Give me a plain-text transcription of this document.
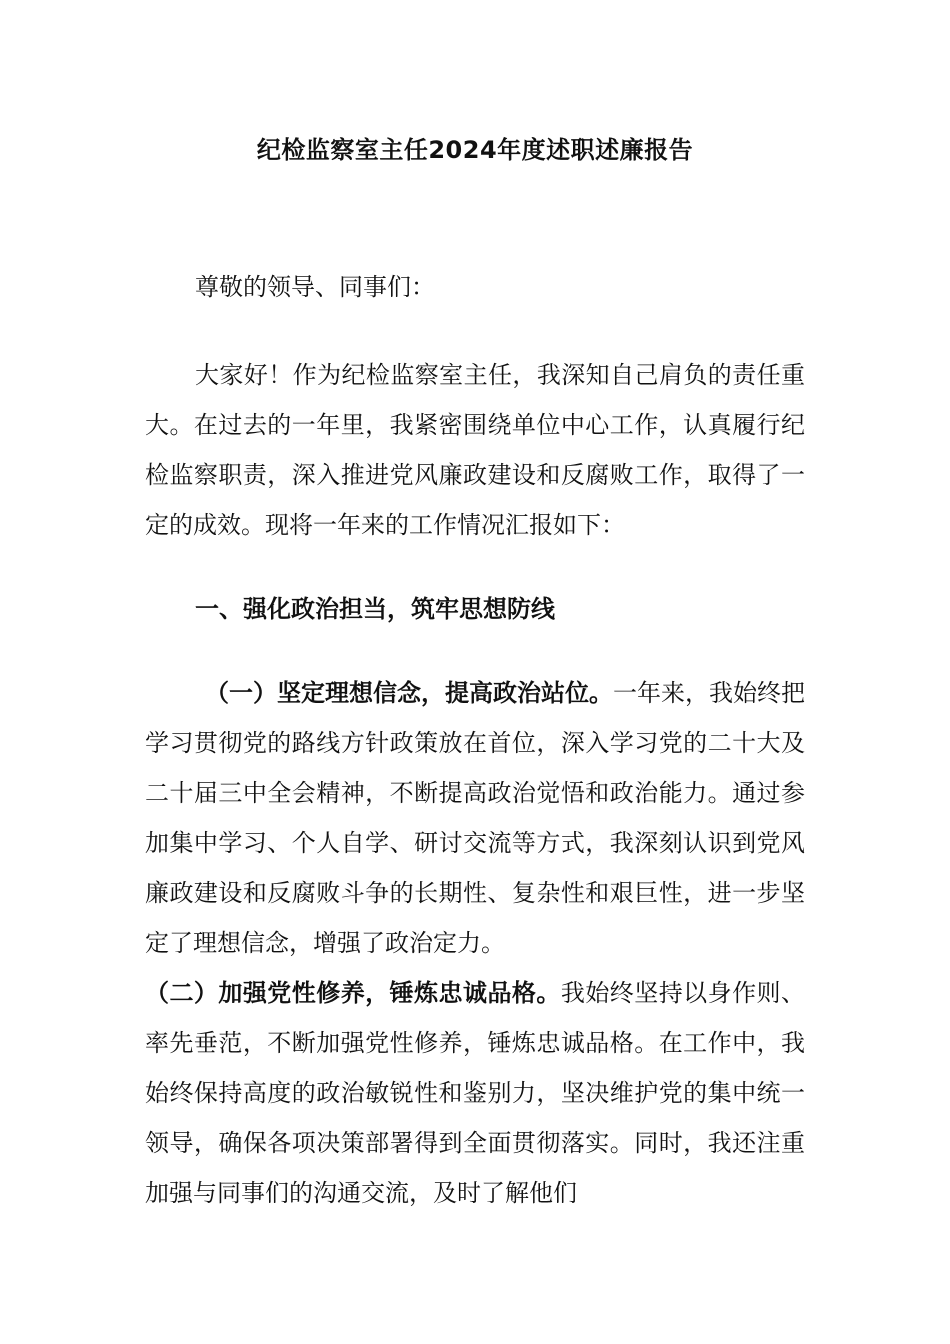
纪检监察室主任2024年度述职述廉报告

尊敬的领导、同事们：

大家好！作为纪检监察室主任，我深知自己肩负的责任重大。在过去的一年里，我紧密围绕单位中心工作，认真履行纪检监察职责，深入推进党风廉政建设和反腐败工作，取得了一定的成效。现将一年来的工作情况汇报如下：

一、强化政治担当，筑牢思想防线

（一）坚定理想信念，提高政治站位。一年来，我始终把学习贯彻党的路线方针政策放在首位，深入学习党的二十大及二十届三中全会精神，不断提高政治觉悟和政治能力。通过参加集中学习、个人自学、研讨交流等方式，我深刻认识到党风廉政建设和反腐败斗争的长期性、复杂性和艰巨性，进一步坚定了理想信念，增强了政治定力。

（二）加强党性修养，锤炼忠诚品格。我始终坚持以身作则、率先垂范，不断加强党性修养，锤炼忠诚品格。在工作中，我始终保持高度的政治敏锐性和鉴别力，坚决维护党的集中统一领导，确保各项决策部署得到全面贯彻落实。同时，我还注重加强与同事们的沟通交流，及时了解他们
